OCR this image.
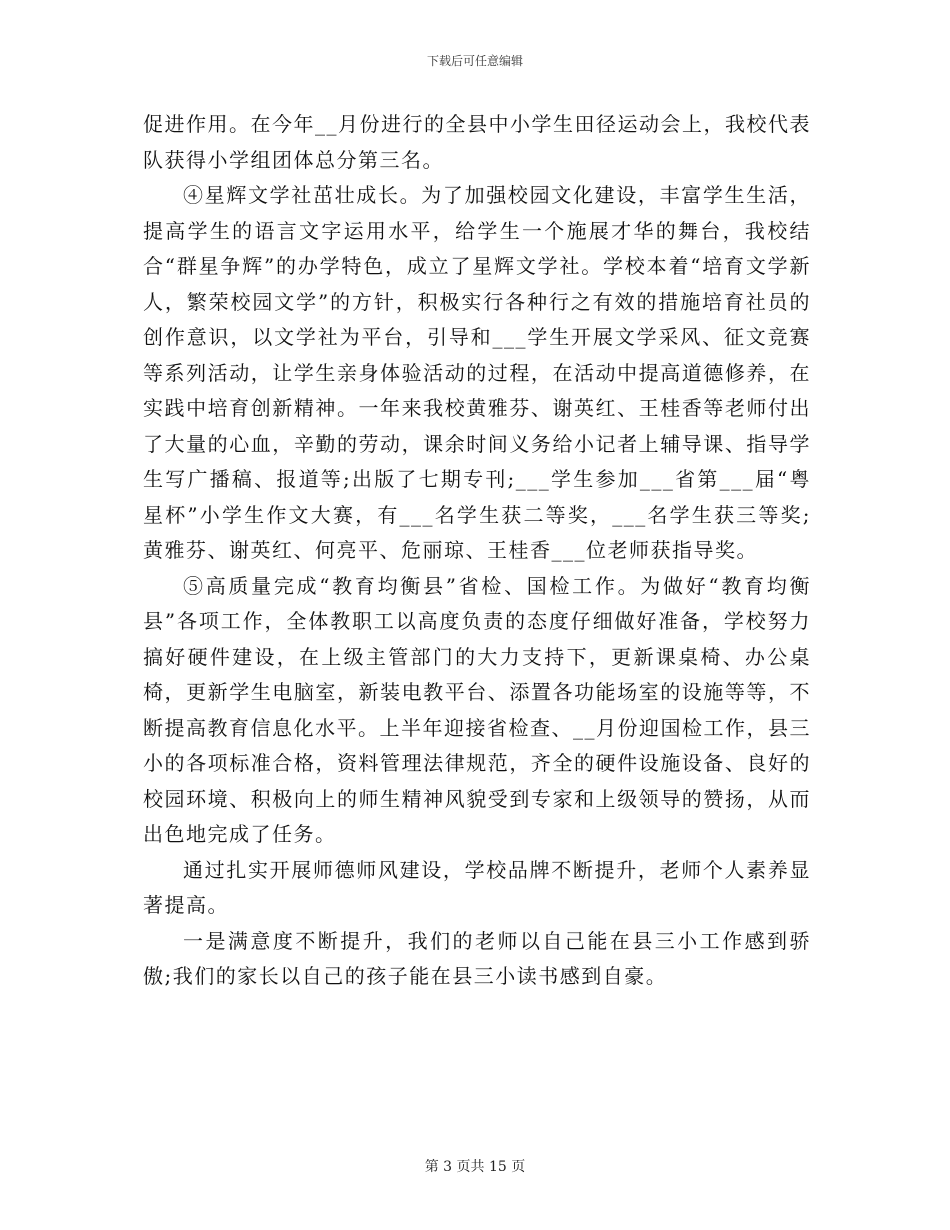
下载后可任意编辑

促进作用。在今年__月份进行的全县中小学生田径运动会上，我校代表队获得小学组团体总分第三名。

④星辉文学社茁壮成长。为了加强校园文化建设，丰富学生生活，提高学生的语言文字运用水平，给学生一个施展才华的舞台，我校结合“群星争辉”的办学特色，成立了星辉文学社。学校本着“培育文学新人，繁荣校园文学”的方针，积极实行各种行之有效的措施培育社员的创作意识，以文学社为平台，引导和___学生开展文学采风、征文竞赛等系列活动，让学生亲身体验活动的过程，在活动中提高道德修养，在实践中培育创新精神。一年来我校黄雅芬、谢英红、王桂香等老师付出了大量的心血，辛勤的劳动，课余时间义务给小记者上辅导课、指导学生写广播稿、报道等;出版了七期专刊;___学生参加___省第___届“粤星杯”小学生作文大赛，有___名学生获二等奖，___名学生获三等奖;黄雅芬、谢英红、何亮平、危丽琼、王桂香___位老师获指导奖。

⑤高质量完成“教育均衡县”省检、国检工作。为做好“教育均衡县”各项工作，全体教职工以高度负责的态度仔细做好准备，学校努力搞好硬件建设，在上级主管部门的大力支持下，更新课桌椅、办公桌椅，更新学生电脑室，新装电教平台、添置各功能场室的设施等等，不断提高教育信息化水平。上半年迎接省检查、__月份迎国检工作，县三小的各项标准合格，资料管理法律规范，齐全的硬件设施设备、良好的校园环境、积极向上的师生精神风貌受到专家和上级领导的赞扬，从而出色地完成了任务。

通过扎实开展师德师风建设，学校品牌不断提升，老师个人素养显著提高。

一是满意度不断提升，我们的老师以自己能在县三小工作感到骄傲;我们的家长以自己的孩子能在县三小读书感到自豪。

第 3 页共 15 页
